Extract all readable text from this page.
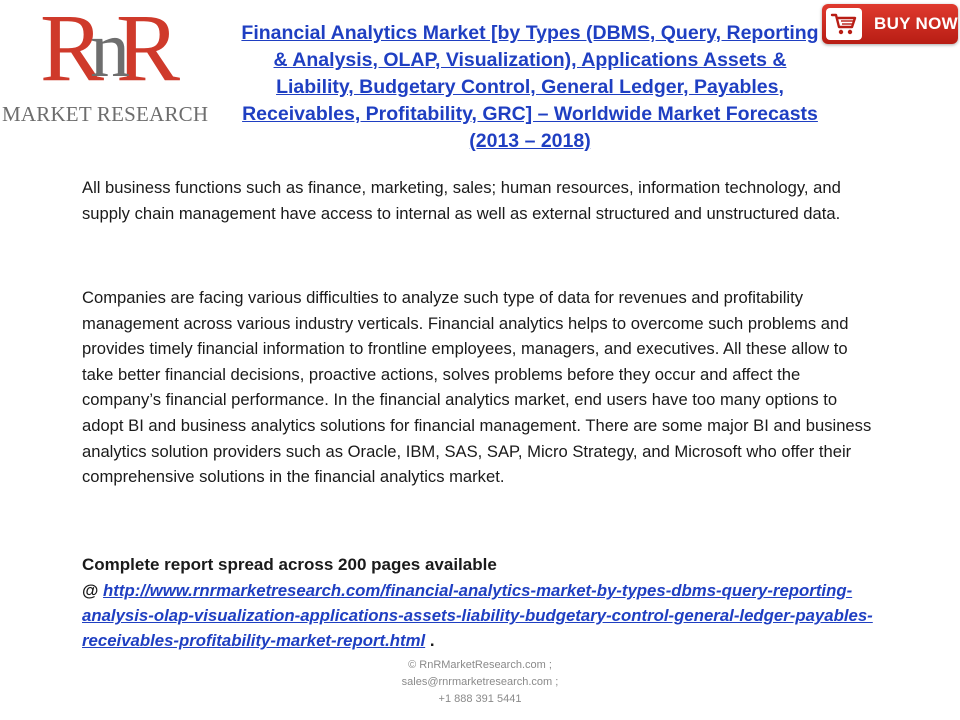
RnR
MARKET RESEARCH
Financial Analytics Market [by Types (DBMS, Query, Reporting & Analysis, OLAP, Visualization), Applications Assets & Liability, Budgetary Control, General Ledger, Payables, Receivables, Profitability, GRC] – Worldwide Market Forecasts (2013 – 2018)
BUY NOW
All business functions such as finance, marketing, sales; human resources, information technology, and supply chain management have access to internal as well as external structured and unstructured data.
Companies are facing various difficulties to analyze such type of data for revenues and profitability management across various industry verticals. Financial analytics helps to overcome such problems and provides timely financial information to frontline employees, managers, and executives. All these allow to take better financial decisions, proactive actions, solves problems before they occur and affect the company’s financial performance. In the financial analytics market, end users have too many options to adopt BI and business analytics solutions for financial management. There are some major BI and business analytics solution providers such as Oracle, IBM, SAS, SAP, Micro Strategy, and Microsoft who offer their comprehensive solutions in the financial analytics market.
Complete report spread across 200 pages available
@ http://www.rnrmarketresearch.com/financial-analytics-market-by-types-dbms-query-reporting-analysis-olap-visualization-applications-assets-liability-budgetary-control-general-ledger-payables-receivables-profitability-market-report.html .
© RnRMarketResearch.com ;
sales@rnrmarketresearch.com ;
+1 888 391 5441
